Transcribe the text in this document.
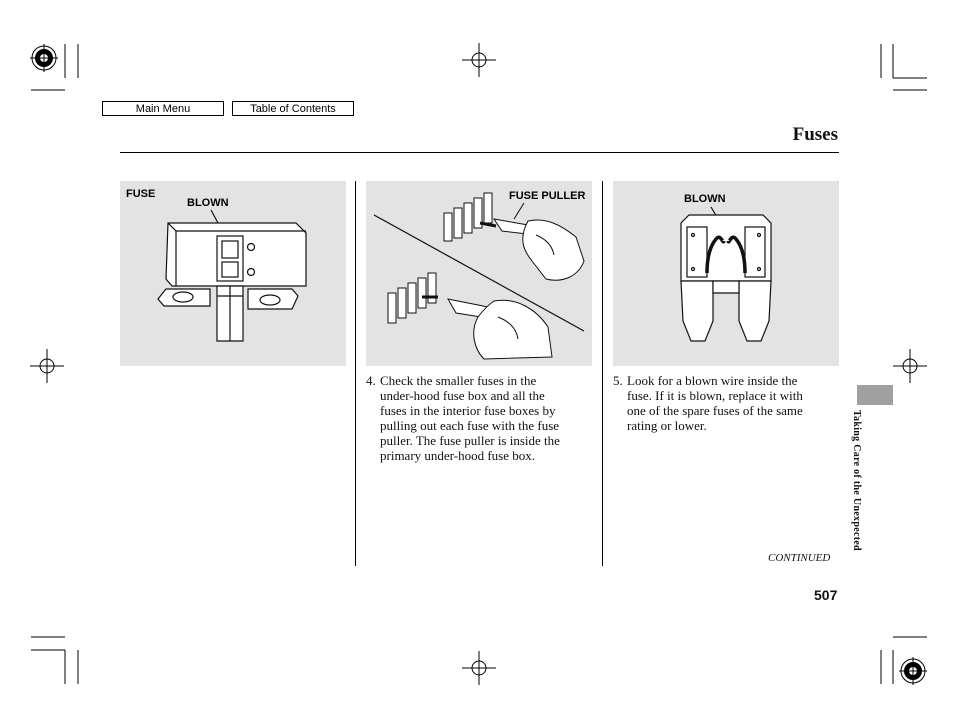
Main Menu	Table of Contents
Fuses
FUSE
BLOWN
FUSE PULLER	BLOWN
4. Check the smaller fuses in the
under-hood fuse box and all the
fuses in the interior fuse boxes by
pulling out each fuse with the fuse
puller. The fuse puller is inside the
primary under-hood fuse box.
5. Look for a blown wire inside the
fuse. If it is blown, replace it with
one of the spare fuses of the same
rating or lower.	Taking Care of the Unexpected
CONTINUED
507
